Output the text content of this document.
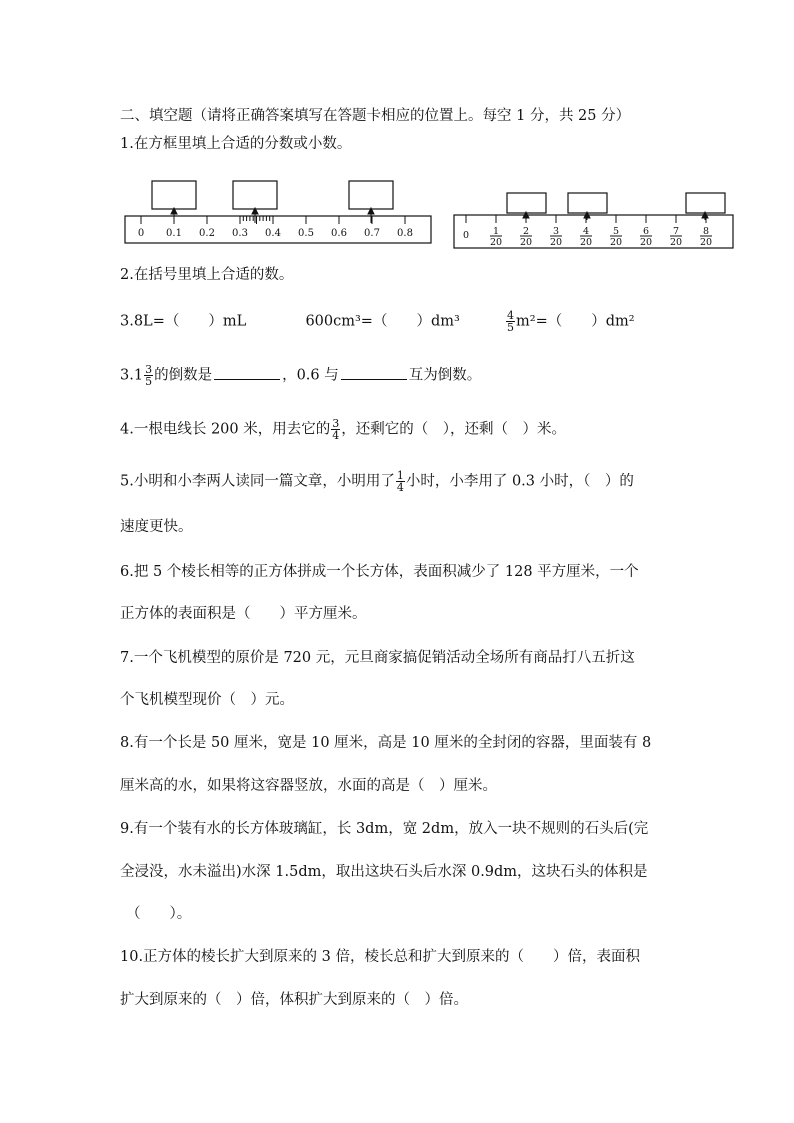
二、填空题（请将正确答案填写在答题卡相应的位置上。每空 1 分，共 25 分）
1.在方框里填上合适的分数或小数。
0 0.1 0.2 0.3 0.4 0.5 0.6 0.7 0.8	0	1
20
2
20
3
20
4
20
5
20
6
20
7
20
8
20
2.在括号里填上合适的数。
3.8L=（　　）mL	600cm³=（　　）dm³	$\frac{4}{5} m^2=$（　　）dm²
$3.1 \frac{3}{5}$ 的倒数是	，0.6 与	互为倒数。
4.一根电线长 200 米，用去它的 $\frac{3}{4}$ ，还剩它的（　），还剩（　）米。
5.小明和小李两人读同一篇文章，小明用了 $\frac{1}{4}$ 小时，小李用了 0.3 小时，（　）的
速度更快。
6.把 5 个棱长相等的正方体拼成一个长方体，表面积减少了 128 平方厘米，一个
正方体的表面积是（　　）平方厘米。
7.一个飞机模型的原价是 720 元，元旦商家搞促销活动全场所有商品打八五折这
个飞机模型现价（　）元。
8.有一个长是 50 厘米，宽是 10 厘米，高是 10 厘米的全封闭的容器，里面装有 8
厘米高的水，如果将这容器竖放，水面的高是（　）厘米。
9.有一个装有水的长方体玻璃缸，长 3dm，宽 2dm，放入一块不规则的石头后(完
全浸没，水未溢出)水深 1.5dm，取出这块石头后水深 0.9dm，这块石头的体积是
（　　）。
10.正方体的棱长扩大到原来的 3 倍，棱长总和扩大到原来的（　　）倍，表面积
扩大到原来的（　）倍，体积扩大到原来的（　）倍。
